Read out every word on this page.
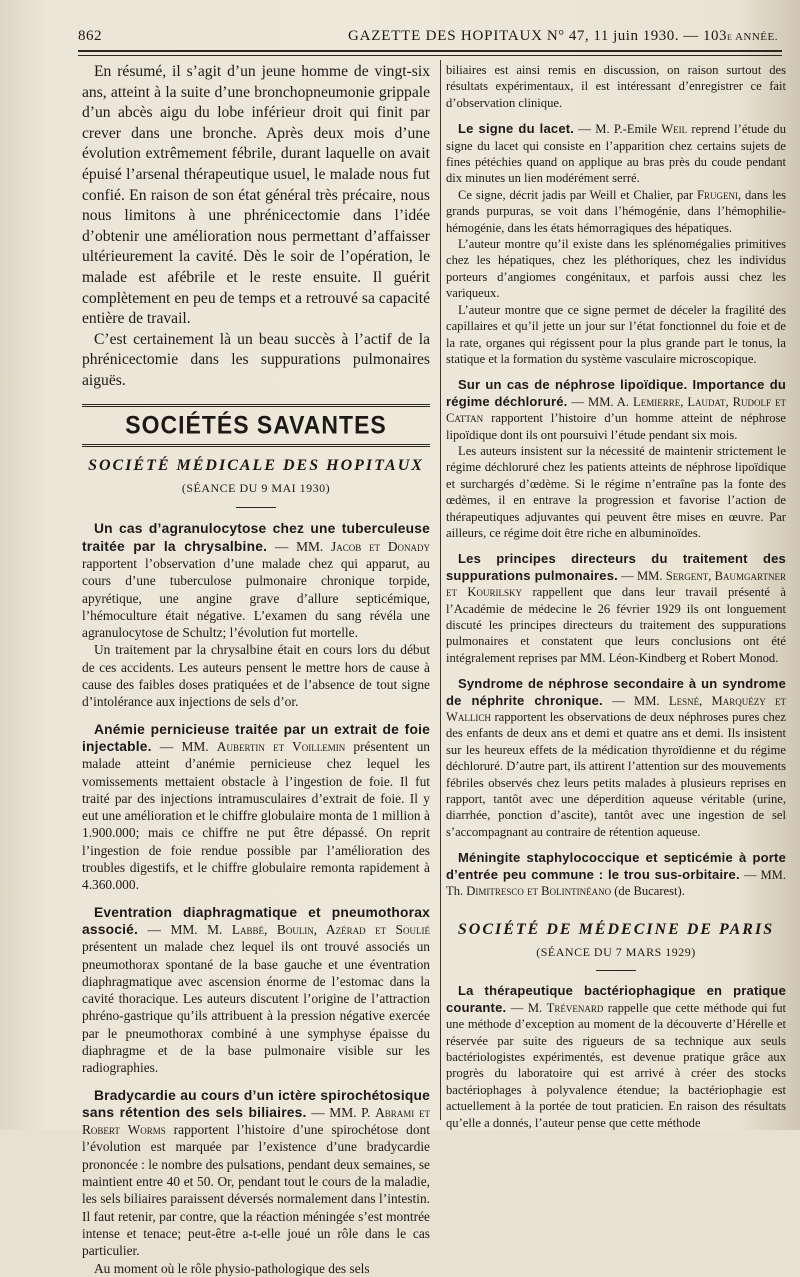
862	GAZETTE DES HOPITAUX N° 47, 11 juin 1930. — 103e ANNÉE.

En résumé, il s’agit d’un jeune homme de vingt-six ans, atteint à la suite d’une bronchopneumonie grippale d’un abcès aigu du lobe inférieur droit qui finit par crever dans une bronche. Après deux mois d’une évolution extrêmement fébrile, durant laquelle on avait épuisé l’arsenal thérapeutique usuel, le malade nous fut confié. En raison de son état général très précaire, nous nous limitons à une phrénicectomie dans l’idée d’obtenir une amélioration nous permettant d’affaisser ultérieurement la cavité. Dès le soir de l’opération, le malade est afébrile et le reste ensuite. Il guérit complètement en peu de temps et a retrouvé sa capacité entière de travail.

C’est certainement là un beau succès à l’actif de la phrénicectomie dans les suppurations pulmonaires aiguës.

SOCIÉTÉS SAVANTES
SOCIÉTÉ MÉDICALE DES HOPITAUX
(SÉANCE DU 9 MAI 1930)

Un cas d’agranulocytose chez une tuberculeuse traitée par la chrysalbine. — MM. Jacob et Donady rapportent l’observation d’une malade chez qui apparut, au cours d’une tuberculose pulmonaire chronique torpide, apyrétique, une angine grave d’allure septicémique, l’hémoculture était négative. L’examen du sang révéla une agranulocytose de Schultz; l’évolution fut mortelle.

Un traitement par la chrysalbine était en cours lors du début de ces accidents. Les auteurs pensent le mettre hors de cause à cause des faibles doses pratiquées et de l’absence de tout signe d’intolérance aux injections de sels d’or.

Anémie pernicieuse traitée par un extrait de foie injectable. — MM. Aubertin et Voillemin présentent un malade atteint d’anémie pernicieuse chez lequel les vomissements mettaient obstacle à l’ingestion de foie. Il fut traité par des injections intramusculaires d’extrait de foie. Il y eut une amélioration et le chiffre globulaire monta de 1 million à 1.900.000; mais ce chiffre ne put être dépassé. On reprit l’ingestion de foie rendue possible par l’amélioration des troubles digestifs, et le chiffre globulaire remonta rapidement à 4.360.000.

Eventration diaphragmatique et pneumothorax associé. — MM. M. Labbé, Boulin, Azérad et Soulié présentent un malade chez lequel ils ont trouvé associés un pneumothorax spontané de la base gauche et une éventration diaphragmatique avec ascension énorme de l’estomac dans la cavité thoracique. Les auteurs discutent l’origine de l’attraction phréno-gastrique qu’ils attribuent à la pression négative exercée par le pneumothorax combiné à une symphyse épaisse du diaphragme et de la base pulmonaire visible sur les radiographies.

Bradycardie au cours d’un ictère spirochétosique sans rétention des sels biliaires. — MM. P. Abrami et Robert Worms rapportent l’histoire d’une spirochétose dont l’évolution est marquée par l’existence d’une bradycardie prononcée : le nombre des pulsations, pendant deux semaines, se maintient entre 40 et 50. Or, pendant tout le cours de la maladie, les sels biliaires paraissent déversés normalement dans l’intestin. Il faut retenir, par contre, que la réaction méningée s’est montrée intense et tenace; peut-être a-t-elle joué un rôle dans le cas particulier.

Au moment où le rôle physio-pathologique des sels

biliaires est ainsi remis en discussion, on raison surtout des résultats expérimentaux, il est intéressant d’enregistrer ce fait d’observation clinique.

Le signe du lacet. — M. P.-Emile Weil reprend l’étude du signe du lacet qui consiste en l’apparition chez certains sujets de fines pétéchies quand on applique au bras près du coude pendant dix minutes un lien modérément serré.

Ce signe, décrit jadis par Weill et Chalier, par Frugeni, dans les grands purpuras, se voit dans l’hémogénie, dans l’hémophilie-hémogénie, dans les états hémorragiques des hépatiques.

L’auteur montre qu’il existe dans les splénomégalies primitives chez les hépatiques, chez les pléthoriques, chez les individus porteurs d’angiomes congénitaux, et parfois aussi chez les variqueux.

L’auteur montre que ce signe permet de déceler la fragilité des capillaires et qu’il jette un jour sur l’état fonctionnel du foie et de la rate, organes qui régissent pour la plus grande part le tonus, la statique et la formation du système vasculaire microscopique.

Sur un cas de néphrose lipoïdique. Importance du régime déchloruré. — MM. A. Lemierre, Laudat, Rudolf et Cattan rapportent l’histoire d’un homme atteint de néphrose lipoïdique dont ils ont poursuivi l’étude pendant six mois.

Les auteurs insistent sur la nécessité de maintenir strictement le régime déchloruré chez les patients atteints de néphrose lipoïdique et surchargés d’œdème. Si le régime n’entraîne pas la fonte des œdèmes, il en entrave la progression et favorise l’action de thérapeutiques adjuvantes qui peuvent être mises en œuvre. Par ailleurs, ce régime doit être riche en albuminoïdes.

Les principes directeurs du traitement des suppurations pulmonaires. — MM. Sergent, Baumgartner et Kourilsky rappellent que dans leur travail présenté à l’Académie de médecine le 26 février 1929 ils ont longuement discuté les principes directeurs du traitement des suppurations pulmonaires et constatent que leurs conclusions ont été intégralement reprises par MM. Léon-Kindberg et Robert Monod.

Syndrome de néphrose secondaire à un syndrome de néphrite chronique. — MM. Lesné, Marquézy et Wallich rapportent les observations de deux néphroses pures chez des enfants de deux ans et demi et quatre ans et demi. Ils insistent sur les heureux effets de la médication thyroïdienne et du régime déchloruré. D’autre part, ils attirent l’attention sur des mouvements fébriles observés chez leurs petits malades à plusieurs reprises en rapport, tantôt avec une déperdition aqueuse véritable (urine, diarrhée, ponction d’ascite), tantôt avec une ingestion de sel s’accompagnant au contraire de rétention aqueuse.

Méningite staphylococcique et septicémie à porte d’entrée peu commune : le trou sus-orbitaire. — MM. Th. Dimitresco et Bolintinéano (de Bucarest).

SOCIÉTÉ DE MÉDECINE DE PARIS
(SÉANCE DU 7 MARS 1929)

La thérapeutique bactériophagique en pratique courante. — M. Trévenard rappelle que cette méthode qui fut une méthode d’exception au moment de la découverte d’Hérelle et réservée par suite des rigueurs de sa technique aux seuls bactériologistes expérimentés, est devenue pratique grâce aux progrès du laboratoire qui est arrivé à créer des stocks bactériophages à polyvalence étendue; la bactériophagie est actuellement à la portée de tout praticien. En raison des résultats qu’elle a donnés, l’auteur pense que cette méthode
